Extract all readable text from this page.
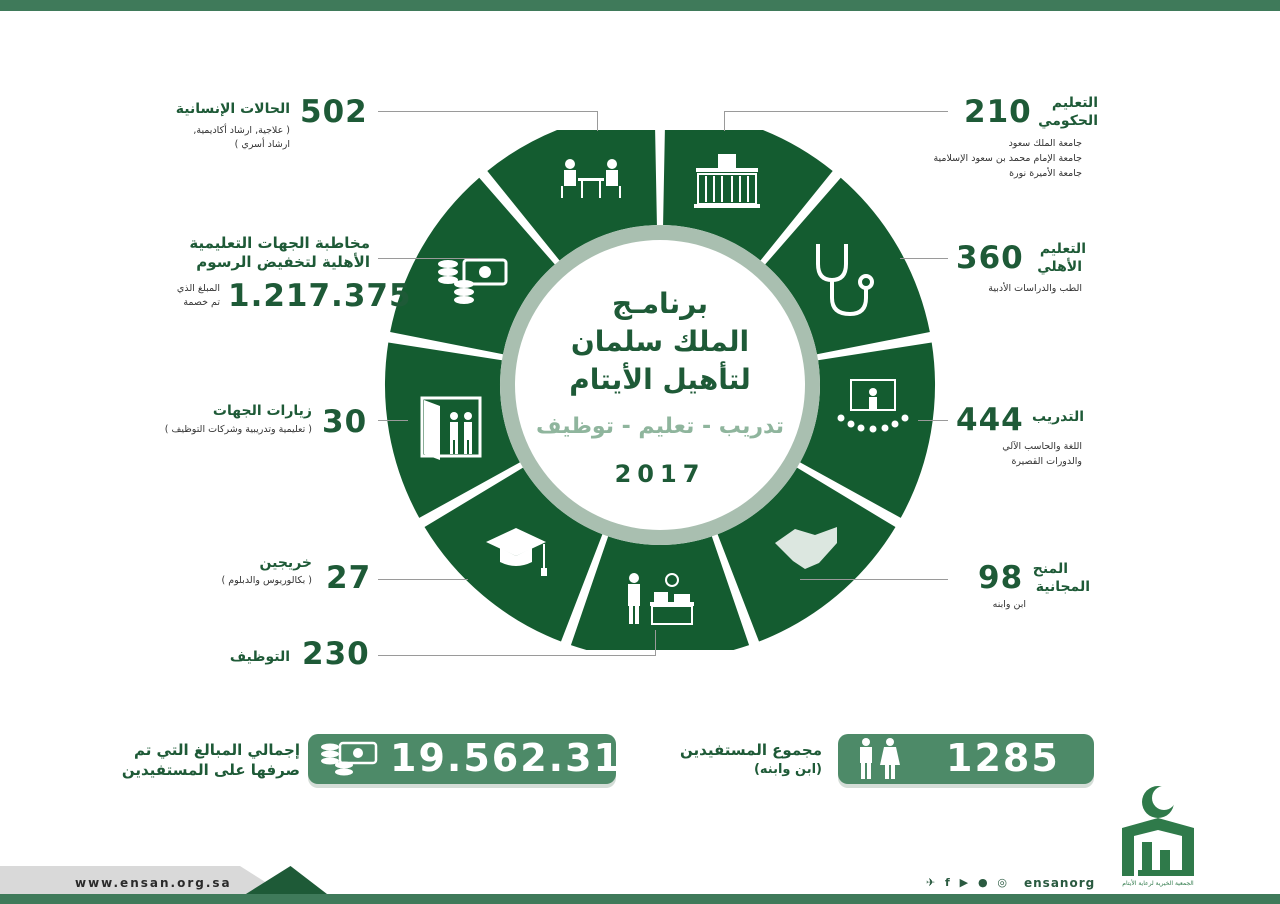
برنامـج
الملك سلمان
لتأهيل الأيتام
تدريب - تعليم - توظيف
2017
502
الحالات الإنسانية
( علاجية, ارشاد أكاديمية,
ارشاد أسري )
مخاطبة الجهات التعليمية
الأهلية لتخفيض الرسوم
1.217.375
المبلغ الذي
تم خصمة
30
زيارات الجهات
( تعليمية وتدريبية وشركات التوظيف )
27
خريجين
( بكالوريوس والدبلوم )
230
التوظيف
210	التعليم
الحكومي
جامعة الملك سعود
جامعة الإمام محمد بن سعود الإسلامية
جامعة الأميرة نورة
360	التعليم
الأهلي
الطب والدراسات الأدبية
444 التدريب
اللغة والحاسب الآلي
والدورات القصيرة
98 المنح
المجانية
ابن وابنه
19.562.310
إجمالي المبالغ التي تم
صرفها على المستفيدين	1285
مجموع المستفيدين
(ابن وابنه)
www.ensan.org.sa	✈ f ▶ ● ◎ ensanorg	الجمعية الخيرية لرعاية الأيتام
